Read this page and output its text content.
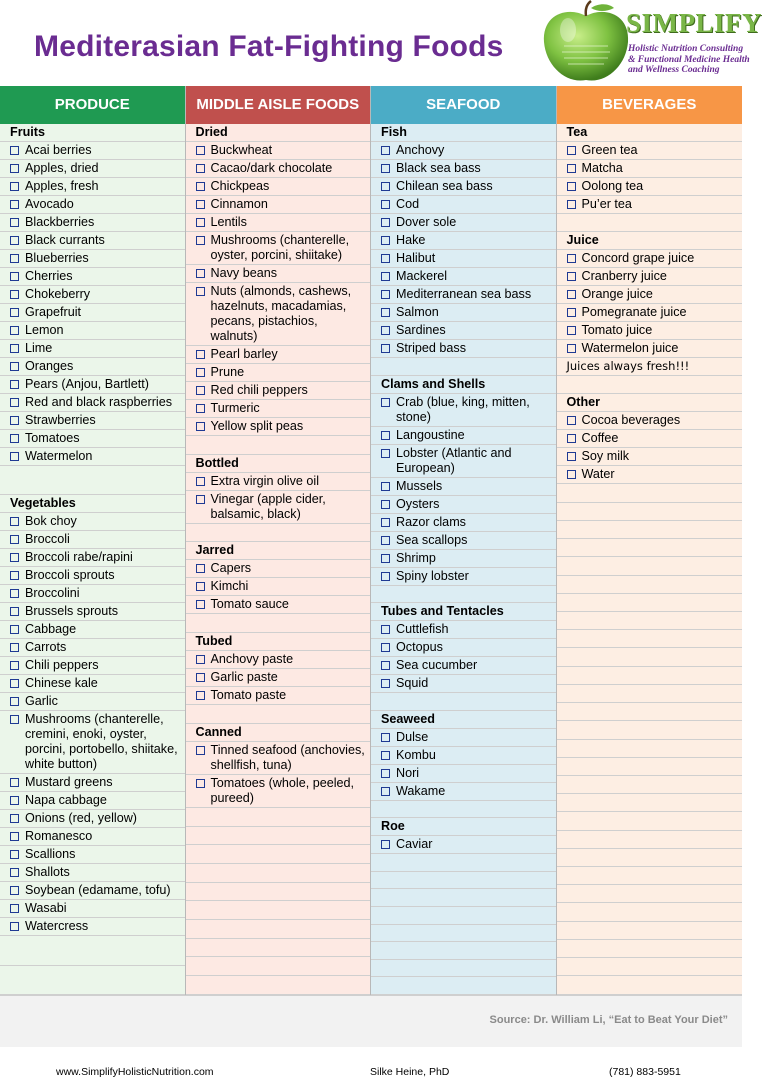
Mediterasian Fat-Fighting Foods
SIMPLIFY
Holistic Nutrition Consulting
& Functional Medicine Health
and Wellness Coaching
PRODUCE
Fruits
Acai berries
Apples, dried
Apples, fresh
Avocado
Blackberries
Black currants
Blueberries
Cherries
Chokeberry
Grapefruit
Lemon
Lime
Oranges
Pears (Anjou, Bartlett)
Red and black raspberries
Strawberries
Tomatoes
Watermelon
Vegetables
Bok choy
Broccoli
Broccoli rabe/rapini
Broccoli sprouts
Broccolini
Brussels sprouts
Cabbage
Carrots
Chili peppers
Chinese kale
Garlic
Mushrooms (chanterelle, cremini, enoki, oyster, porcini, portobello, shiitake, white button)
Mustard greens
Napa cabbage
Onions (red, yellow)
Romanesco
Scallions
Shallots
Soybean (edamame, tofu)
Wasabi
Watercress
MIDDLE AISLE FOODS
Dried
Buckwheat
Cacao/dark chocolate
Chickpeas
Cinnamon
Lentils
Mushrooms (chanterelle, oyster, porcini, shiitake)
Navy beans
Nuts (almonds, cashews, hazelnuts, macadamias, pecans, pistachios, walnuts)
Pearl barley
Prune
Red chili peppers
Turmeric
Yellow split peas
Bottled
Extra virgin olive oil
Vinegar (apple cider, balsamic, black)
Jarred
Capers
Kimchi
Tomato sauce
Tubed
Anchovy paste
Garlic paste
Tomato paste
Canned
Tinned seafood (anchovies, shellfish, tuna)
Tomatoes (whole, peeled, pureed)
SEAFOOD
Fish
Anchovy
Black sea bass
Chilean sea bass
Cod
Dover sole
Hake
Halibut
Mackerel
Mediterranean sea bass
Salmon
Sardines
Striped bass
Clams and Shells
Crab (blue, king, mitten, stone)
Langoustine
Lobster (Atlantic and European)
Mussels
Oysters
Razor clams
Sea scallops
Shrimp
Spiny lobster
Tubes and Tentacles
Cuttlefish
Octopus
Sea cucumber
Squid
Seaweed
Dulse
Kombu
Nori
Wakame
Roe
Caviar
BEVERAGES
Tea
Green tea
Matcha
Oolong tea
Pu’er tea
Juice
Concord grape juice
Cranberry juice
Orange juice
Pomegranate juice
Tomato juice
Watermelon juice
Juices always fresh!!!
Other
Cocoa beverages
Coffee
Soy milk
Water
Source: Dr. William Li, “Eat to Beat Your Diet”
www.SimplifyHolisticNutrition.com	Silke Heine, PhD	(781) 883-5951
